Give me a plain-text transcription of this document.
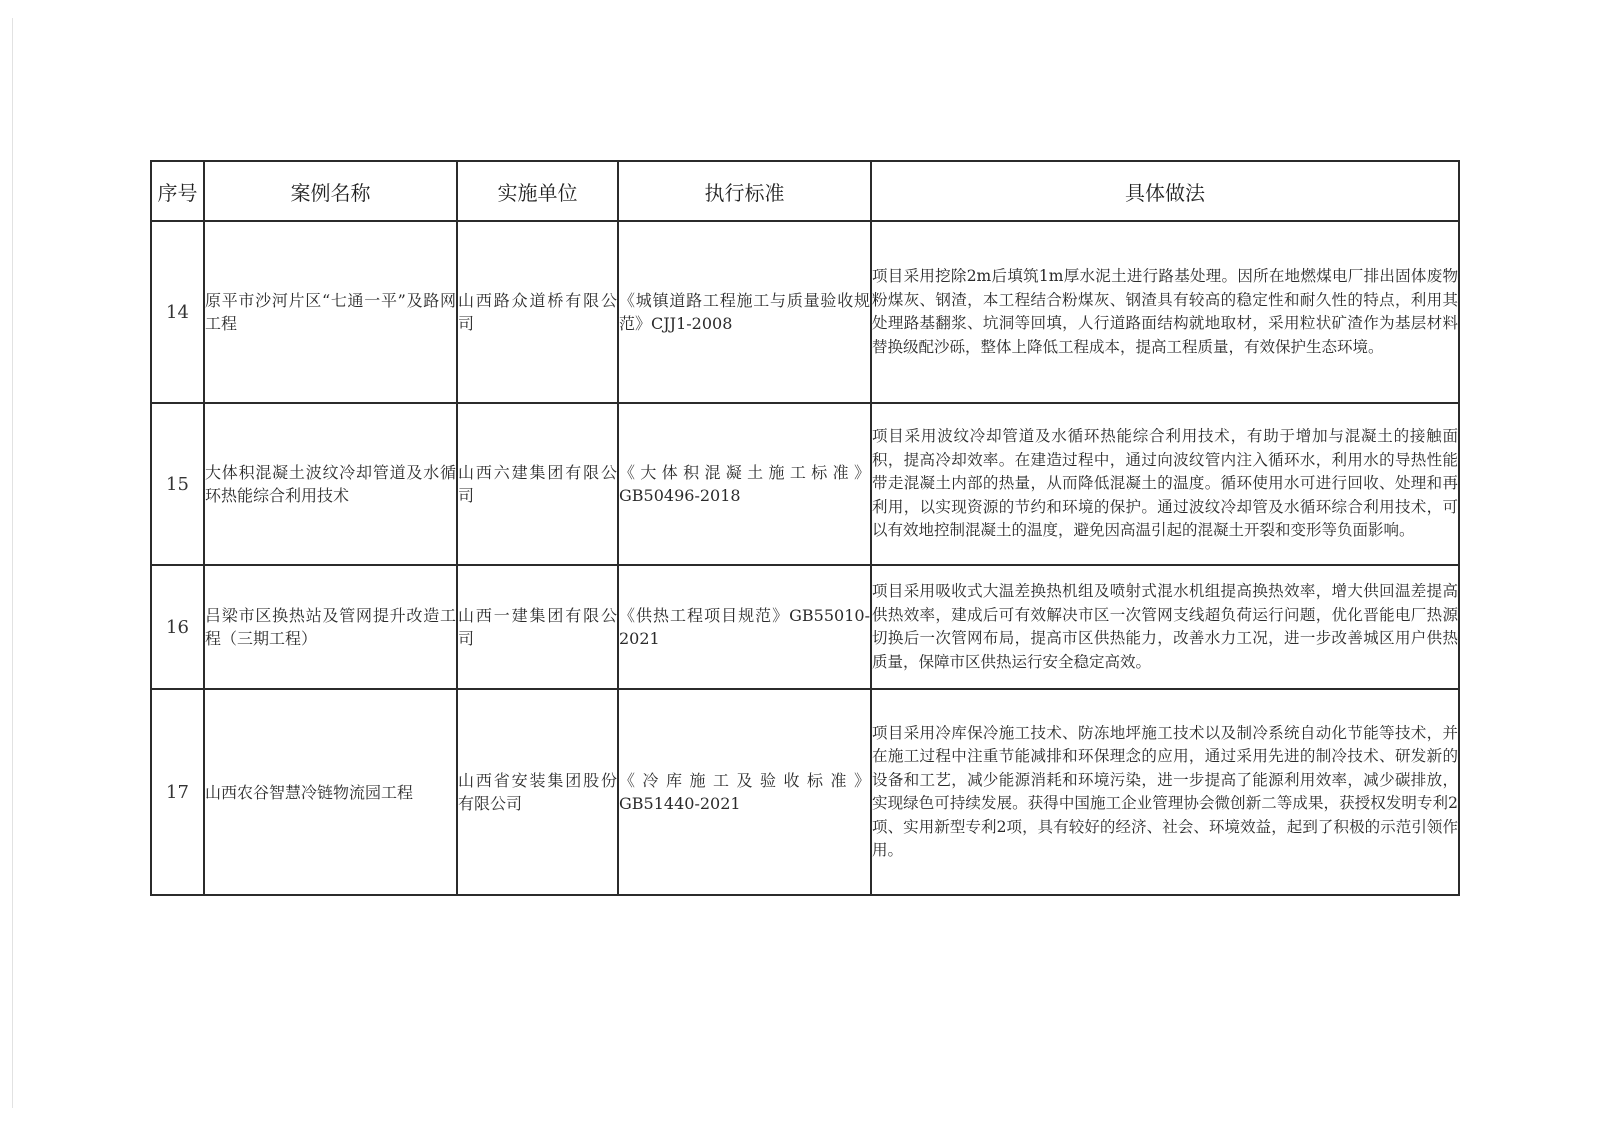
序号	案例名称	实施单位	执行标准	具体做法
14	原平市沙河片区“七通一平”及路网工程	山西路众道桥有限公司	《城镇道路工程施工与质量验收规范》CJJ1-2008	项目采用挖除2m后填筑1m厚水泥土进行路基处理。因所在地燃煤电厂排出固体废物粉煤灰、钢渣，本工程结合粉煤灰、钢渣具有较高的稳定性和耐久性的特点，利用其处理路基翻浆、坑洞等回填，人行道路面结构就地取材，采用粒状矿渣作为基层材料替换级配沙砾，整体上降低工程成本，提高工程质量，有效保护生态环境。
15	大体积混凝土波纹冷却管道及水循环热能综合利用技术	山西六建集团有限公司	《大体积混凝土施工标准》GB50496-2018	项目采用波纹冷却管道及水循环热能综合利用技术，有助于增加与混凝土的接触面积，提高冷却效率。在建造过程中，通过向波纹管内注入循环水，利用水的导热性能带走混凝土内部的热量，从而降低混凝土的温度。循环使用水可进行回收、处理和再利用，以实现资源的节约和环境的保护。通过波纹冷却管及水循环综合利用技术，可以有效地控制混凝土的温度，避免因高温引起的混凝土开裂和变形等负面影响。
16	吕梁市区换热站及管网提升改造工程（三期工程）	山西一建集团有限公司	《供热工程项目规范》GB55010-2021	项目采用吸收式大温差换热机组及喷射式混水机组提高换热效率，增大供回温差提高供热效率，建成后可有效解决市区一次管网支线超负荷运行问题，优化晋能电厂热源切换后一次管网布局，提高市区供热能力，改善水力工况，进一步改善城区用户供热质量，保障市区供热运行安全稳定高效。
17	山西农谷智慧冷链物流园工程	山西省安装集团股份有限公司	《冷库施工及验收标准》GB51440-2021	项目采用冷库保冷施工技术、防冻地坪施工技术以及制冷系统自动化节能等技术，并在施工过程中注重节能减排和环保理念的应用，通过采用先进的制冷技术、研发新的设备和工艺，减少能源消耗和环境污染，进一步提高了能源利用效率，减少碳排放，实现绿色可持续发展。获得中国施工企业管理协会微创新二等成果，获授权发明专利2项、实用新型专利2项，具有较好的经济、社会、环境效益，起到了积极的示范引领作用。
